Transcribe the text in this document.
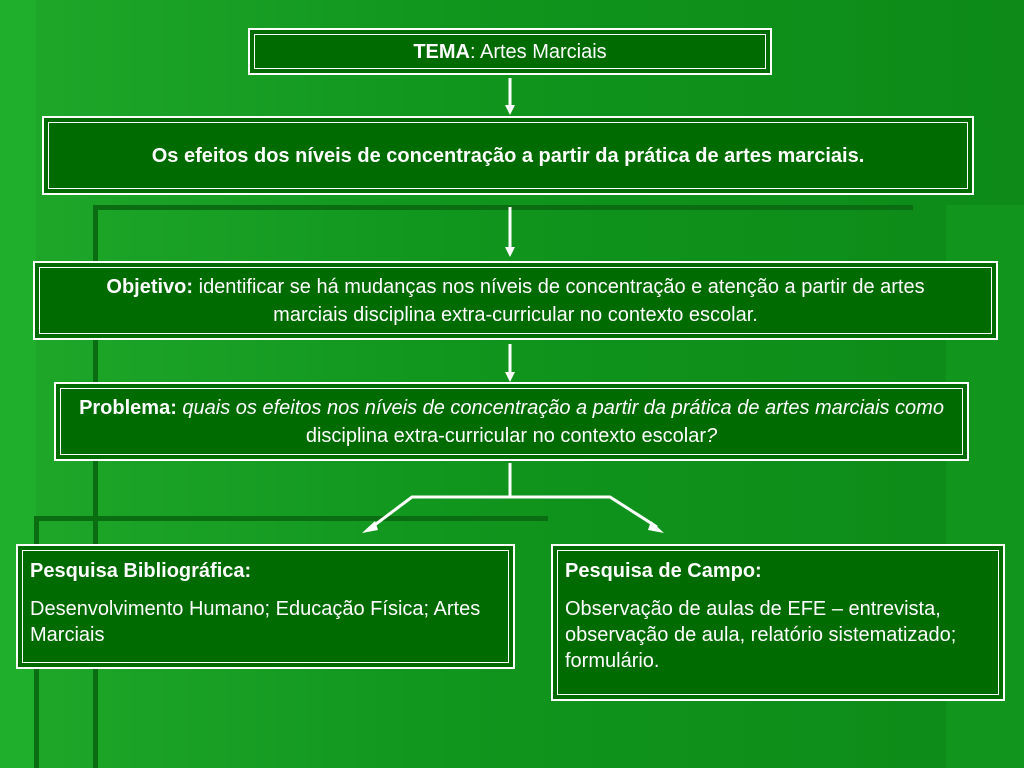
TEMA: Artes Marciais
Os efeitos dos níveis de concentração a partir da prática de artes marciais.
Objetivo: identificar se há mudanças nos níveis de concentração e atenção a partir de artes marciais disciplina extra-curricular no contexto escolar.
Problema: quais os efeitos nos níveis de concentração a partir da prática de artes marciais como disciplina extra-curricular no contexto escolar?
Pesquisa Bibliográfica:
Desenvolvimento Humano; Educação Física; Artes Marciais
Pesquisa de Campo:
Observação de aulas de EFE – entrevista, observação de aula, relatório sistematizado; formulário.
